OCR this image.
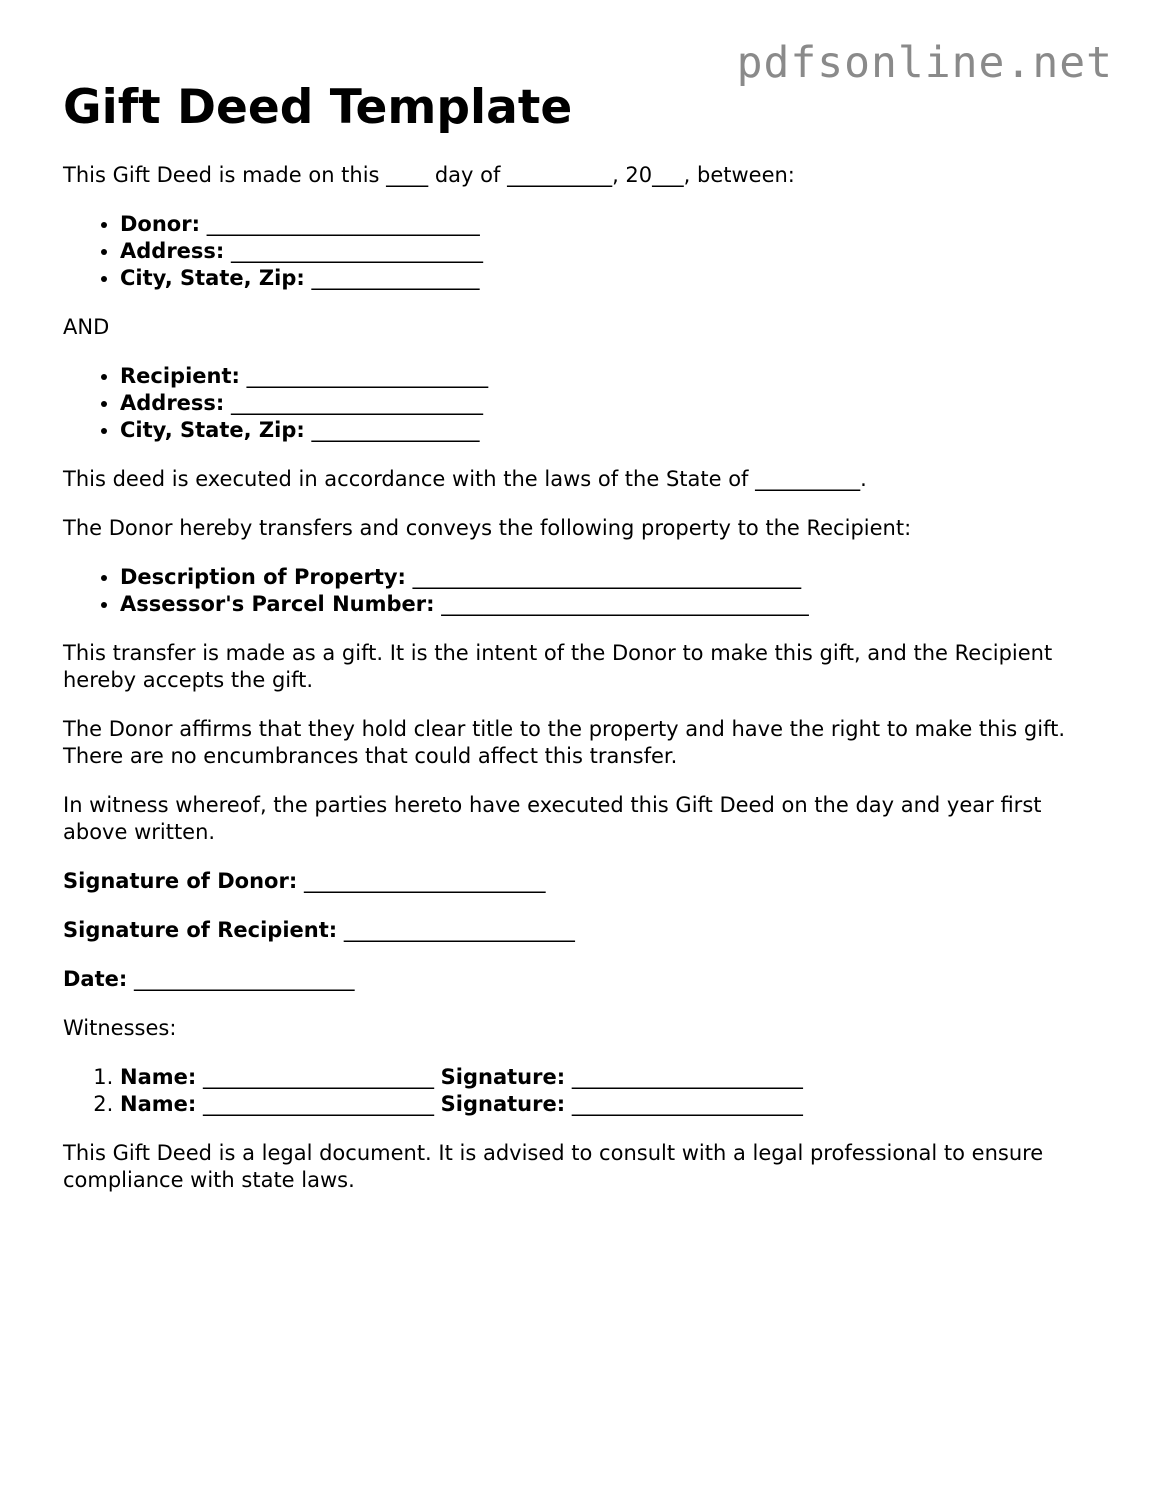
pdfsonline.net
Gift Deed Template

This Gift Deed is made on this ____ day of __________, 20___, between:

• Donor: __________________________
• Address: ________________________
• City, State, Zip: ________________

AND

• Recipient: _______________________
• Address: ________________________
• City, State, Zip: ________________

This deed is executed in accordance with the laws of the State of __________.

The Donor hereby transfers and conveys the following property to the Recipient:

• Description of Property: _____________________________________
• Assessor's Parcel Number: ___________________________________

This transfer is made as a gift. It is the intent of the Donor to make this gift, and the Recipient hereby accepts the gift.

The Donor affirms that they hold clear title to the property and have the right to make this gift. There are no encumbrances that could affect this transfer.

In witness whereof, the parties hereto have executed this Gift Deed on the day and year first above written.

Signature of Donor: _______________________

Signature of Recipient: ______________________

Date: _____________________

Witnesses:

1. Name: ______________________ Signature: ______________________
2. Name: ______________________ Signature: ______________________

This Gift Deed is a legal document. It is advised to consult with a legal professional to ensure compliance with state laws.
